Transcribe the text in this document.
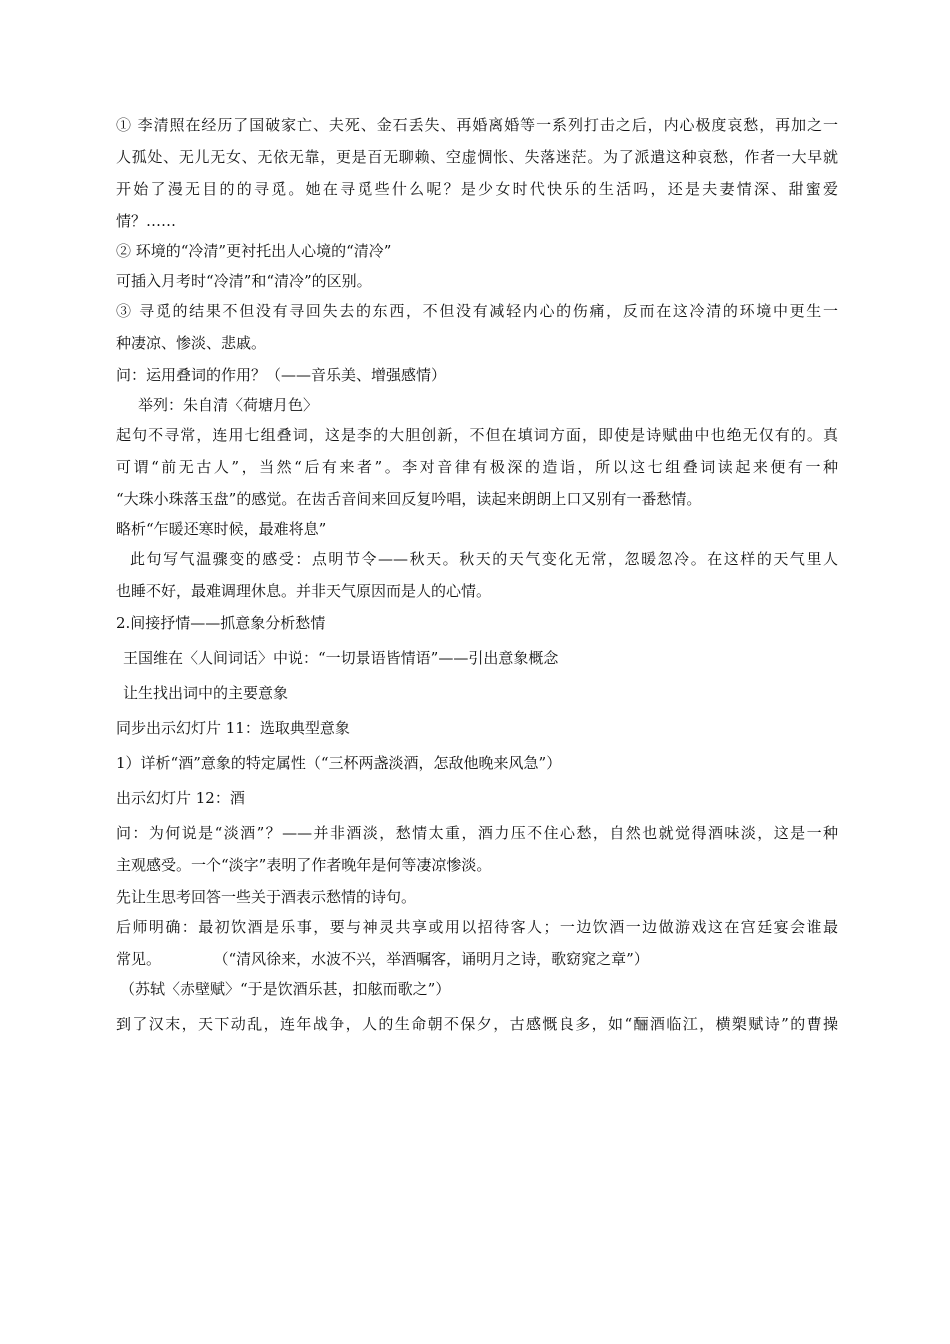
① 李清照在经历了国破家亡、夫死、金石丢失、再婚离婚等一系列打击之后，内心极度哀愁，再加之一
人孤处、无儿无女、无依无靠，更是百无聊赖、空虚惆怅、失落迷茫。为了派遣这种哀愁，作者一大早就
开始了漫无目的的寻觅。她在寻觅些什么呢？是少女时代快乐的生活吗，还是夫妻情深、甜蜜爱
情？……
② 环境的“冷清”更衬托出人心境的“清冷”
可插入月考时“冷清”和“清冷”的区别。
③ 寻觅的结果不但没有寻回失去的东西，不但没有减轻内心的伤痛，反而在这冷清的环境中更生一
种凄凉、惨淡、悲戚。
问：运用叠词的作用？（——音乐美、增强感情）
举列：朱自清〈荷塘月色〉
起句不寻常，连用七组叠词，这是李的大胆创新，不但在填词方面，即使是诗赋曲中也绝无仅有的。真
可谓“前无古人”，当然“后有来者”。李对音律有极深的造诣，所以这七组叠词读起来便有一种
“大珠小珠落玉盘”的感觉。在齿舌音间来回反复吟唱，读起来朗朗上口又别有一番愁情。
略析“乍暖还寒时候，最难将息”
此句写气温骤变的感受：点明节令——秋天。秋天的天气变化无常，忽暖忽冷。在这样的天气里人
也睡不好，最难调理休息。并非天气原因而是人的心情。
2.间接抒情——抓意象分析愁情
王国维在〈人间词话〉中说：“一切景语皆情语”——引出意象概念
让生找出词中的主要意象
同步出示幻灯片 11：选取典型意象
1）详析“酒”意象的特定属性（“三杯两盏淡酒，怎敌他晚来风急”）
出示幻灯片 12：酒
问：为何说是“淡酒”？——并非酒淡，愁情太重，酒力压不住心愁，自然也就觉得酒味淡，这是一种
主观感受。一个“淡字”表明了作者晚年是何等凄凉惨淡。
先让生思考回答一些关于酒表示愁情的诗句。
后师明确：最初饮酒是乐事，要与神灵共享或用以招待客人；一边饮酒一边做游戏这在宫廷宴会谁最
常见。	（“清风徐来，水波不兴，举酒嘱客，诵明月之诗，歌窈窕之章”）
（苏轼〈赤壁赋〉“于是饮酒乐甚，扣舷而歌之”）
到了汉末，天下动乱，连年战争，人的生命朝不保夕，古感慨良多，如“酾酒临江，横槊赋诗”的曹操
